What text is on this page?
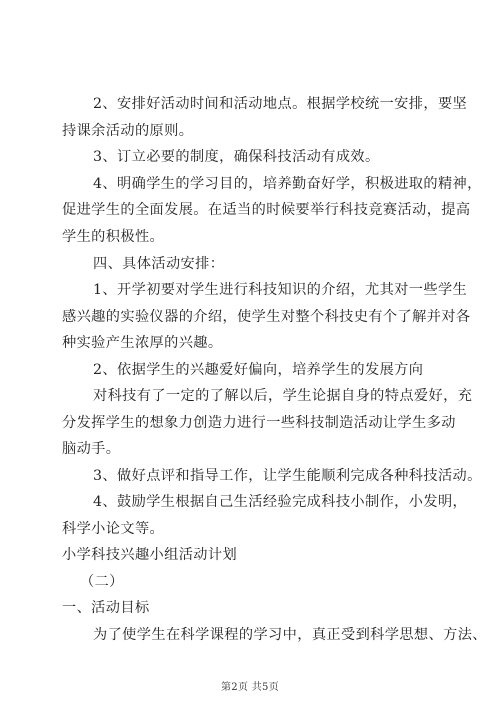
2、安排好活动时间和活动地点。根据学校统一安排，要坚
持课余活动的原则。
3、订立必要的制度，确保科技活动有成效。
4、明确学生的学习目的，培养勤奋好学，积极进取的精神，
促进学生的全面发展。在适当的时候要举行科技竞赛活动，提高
学生的积极性。
四、具体活动安排：
1、开学初要对学生进行科技知识的介绍，尤其对一些学生
感兴趣的实验仪器的介绍，使学生对整个科技史有个了解并对各
种实验产生浓厚的兴趣。
2、依据学生的兴趣爱好偏向，培养学生的发展方向
对科技有了一定的了解以后，学生论据自身的特点爱好，充
分发挥学生的想象力创造力进行一些科技制造活动让学生多动
脑动手。
3、做好点评和指导工作，让学生能顺利完成各种科技活动。
4、鼓励学生根据自己生活经验完成科技小制作，小发明，
科学小论文等。
小学科技兴趣小组活动计划
（二）
一、活动目标
为了使学生在科学课程的学习中，真正受到科学思想、方法、
第2页 共5页
